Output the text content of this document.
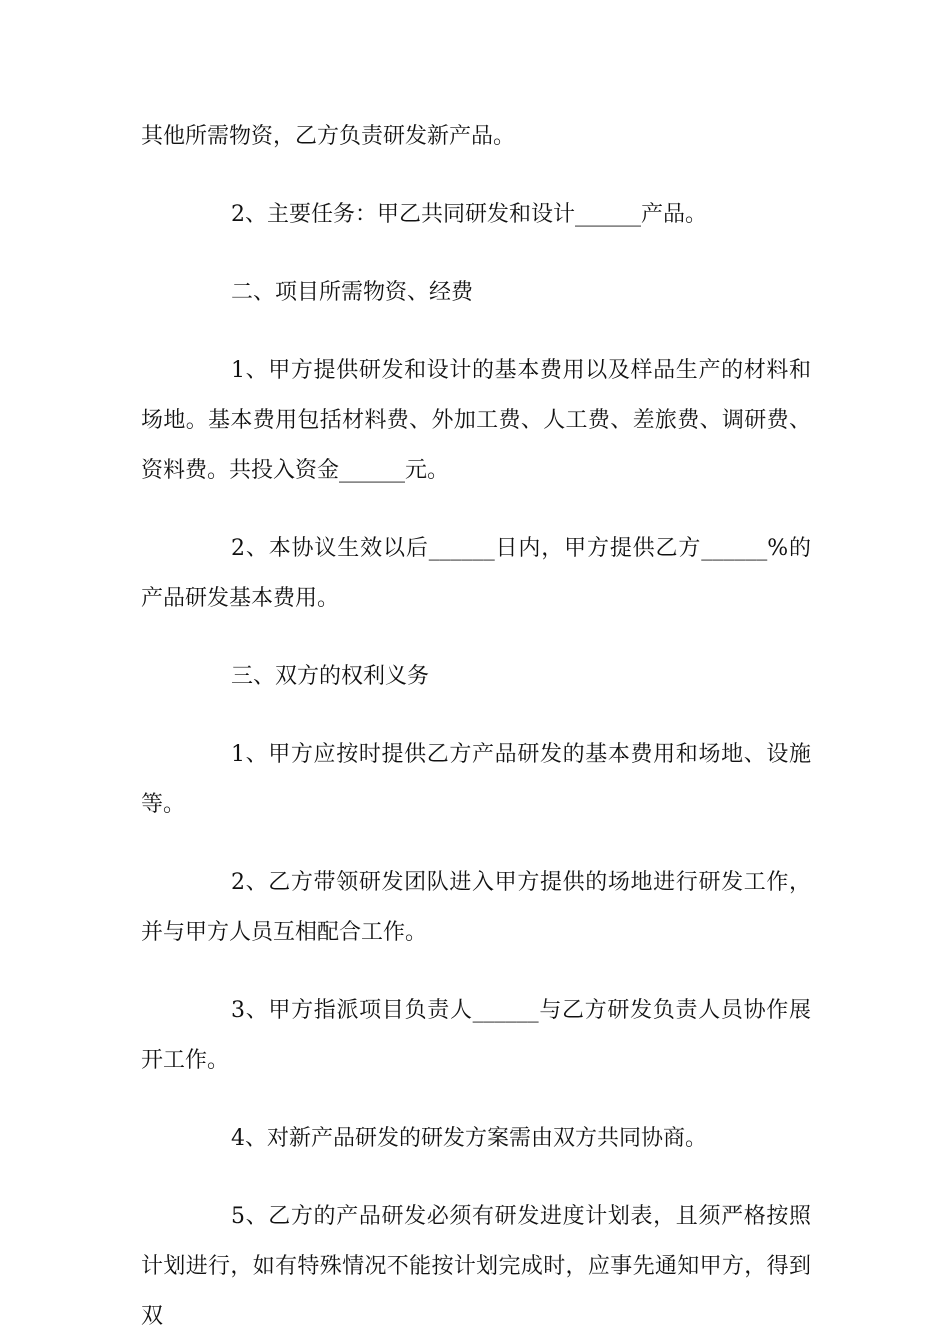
其他所需物资，乙方负责研发新产品。

2、主要任务：甲乙共同研发和设计______产品。

二、项目所需物资、经费

1、甲方提供研发和设计的基本费用以及样品生产的材料和场地。基本费用包括材料费、外加工费、人工费、差旅费、调研费、资料费。共投入资金______元。

2、本协议生效以后______日内，甲方提供乙方______%的产品研发基本费用。

三、双方的权利义务

1、甲方应按时提供乙方产品研发的基本费用和场地、设施等。

2、乙方带领研发团队进入甲方提供的场地进行研发工作，并与甲方人员互相配合工作。

3、甲方指派项目负责人______与乙方研发负责人员协作展开工作。

4、对新产品研发的研发方案需由双方共同协商。

5、乙方的产品研发必须有研发进度计划表，且须严格按照计划进行，如有特殊情况不能按计划完成时，应事先通知甲方，得到双
